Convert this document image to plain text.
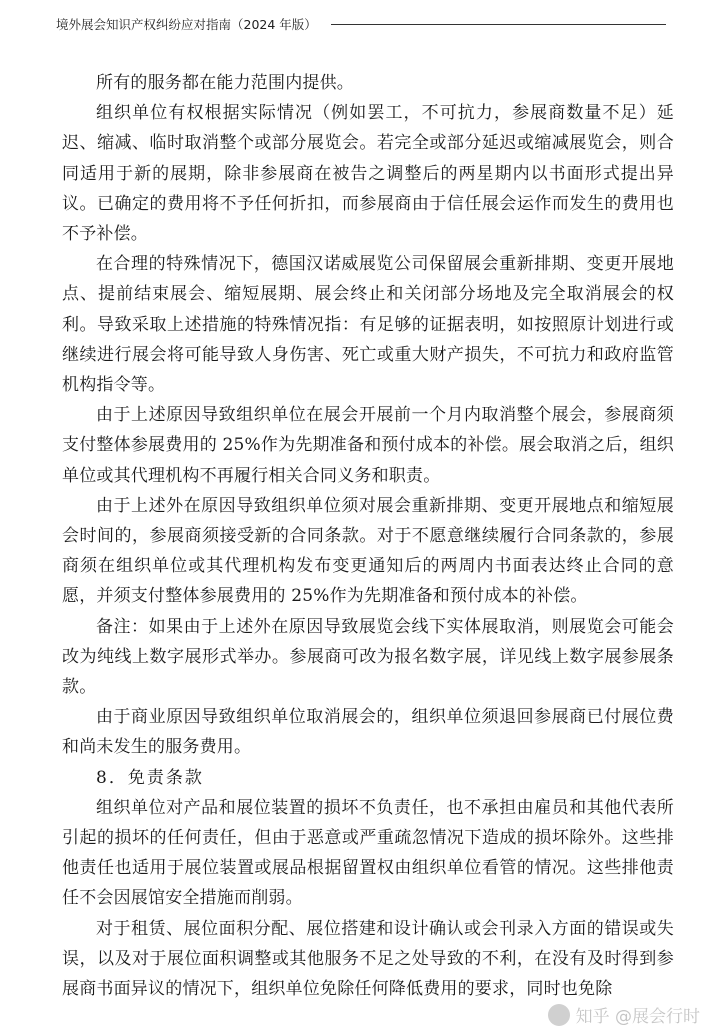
境外展会知识产权纠纷应对指南（2024 年版）

所有的服务都在能力范围内提供。

组织单位有权根据实际情况（例如罢工，不可抗力，参展商数量不足）延迟、缩减、临时取消整个或部分展览会。若完全或部分延迟或缩减展览会，则合同适用于新的展期，除非参展商在被告之调整后的两星期内以书面形式提出异议。已确定的费用将不予任何折扣，而参展商由于信任展会运作而发生的费用也不予补偿。

在合理的特殊情况下，德国汉诺威展览公司保留展会重新排期、变更开展地点、提前结束展会、缩短展期、展会终止和关闭部分场地及完全取消展会的权利。导致采取上述措施的特殊情况指：有足够的证据表明，如按照原计划进行或继续进行展会将可能导致人身伤害、死亡或重大财产损失，不可抗力和政府监管机构指令等。

由于上述原因导致组织单位在展会开展前一个月内取消整个展会，参展商须支付整体参展费用的 25%作为先期准备和预付成本的补偿。展会取消之后，组织单位或其代理机构不再履行相关合同义务和职责。

由于上述外在原因导致组织单位须对展会重新排期、变更开展地点和缩短展会时间的，参展商须接受新的合同条款。对于不愿意继续履行合同条款的，参展商须在组织单位或其代理机构发布变更通知后的两周内书面表达终止合同的意愿，并须支付整体参展费用的 25%作为先期准备和预付成本的补偿。

备注：如果由于上述外在原因导致展览会线下实体展取消，则展览会可能会改为纯线上数字展形式举办。参展商可改为报名数字展，详见线上数字展参展条款。

由于商业原因导致组织单位取消展会的，组织单位须退回参展商已付展位费和尚未发生的服务费用。

8．免责条款

组织单位对产品和展位装置的损坏不负责任，也不承担由雇员和其他代表所引起的损坏的任何责任，但由于恶意或严重疏忽情况下造成的损坏除外。这些排他责任也适用于展位装置或展品根据留置权由组织单位看管的情况。这些排他责任不会因展馆安全措施而削弱。

对于租赁、展位面积分配、展位搭建和设计确认或会刊录入方面的错误或失误，以及对于展位面积调整或其他服务不足之处导致的不利，在没有及时得到参展商书面异议的情况下，组织单位免除任何降低费用的要求，同时也免除

知乎 @展会行时
